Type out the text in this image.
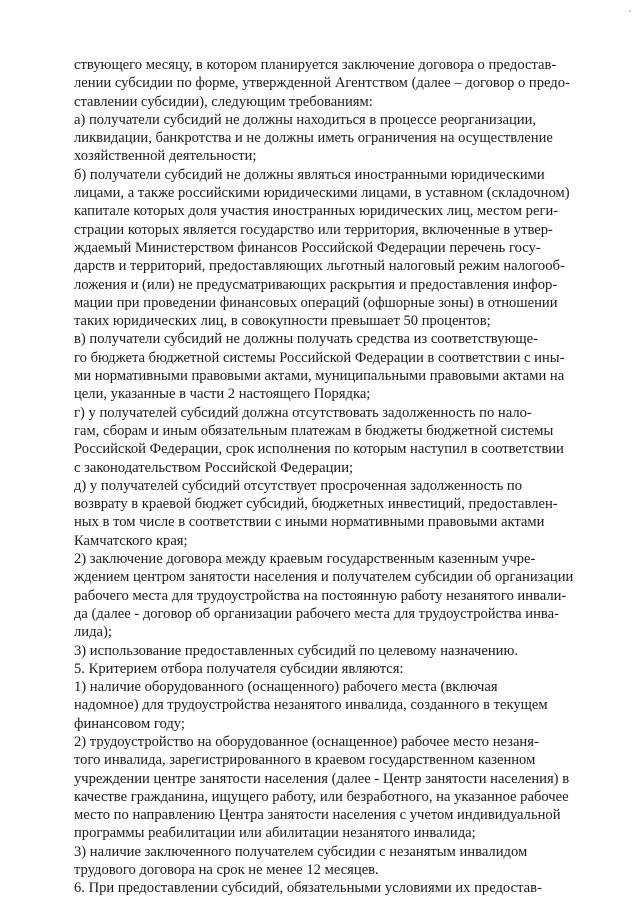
ствующего месяцу, в котором планируется заключение договора о предостав-
лении субсидии по форме, утвержденной Агентством (далее – договор о предо-
ставлении субсидии), следующим требованиям:
а) получатели субсидий не должны находиться в процессе реорганизации,
ликвидации, банкротства и не должны иметь ограничения на осуществление
хозяйственной деятельности;
б) получатели субсидий не должны являться иностранными юридическими
лицами, а также российскими юридическими лицами, в уставном (складочном)
капитале которых доля участия иностранных юридических лиц, местом реги-
страции которых является государство или территория, включенные в утвер-
ждаемый Министерством финансов Российской Федерации перечень госу-
дарств и территорий, предоставляющих льготный налоговый режим налогооб-
ложения и (или) не предусматривающих раскрытия и предоставления инфор-
мации при проведении финансовых операций (офшорные зоны) в отношении
таких юридических лиц, в совокупности превышает 50 процентов;
в) получатели субсидий не должны получать средства из соответствующе-
го бюджета бюджетной системы Российской Федерации в соответствии с ины-
ми нормативными правовыми актами, муниципальными правовыми актами на
цели, указанные в части 2 настоящего Порядка;
г) у получателей субсидий должна отсутствовать задолженность по нало-
гам, сборам и иным обязательным платежам в бюджеты бюджетной системы
Российской Федерации, срок исполнения по которым наступил в соответствии
с законодательством Российской Федерации;
д) у получателей субсидий отсутствует просроченная задолженность по
возврату в краевой бюджет субсидий, бюджетных инвестиций, предоставлен-
ных в том числе в соответствии с иными нормативными правовыми актами
Камчатского края;
2) заключение договора между краевым государственным казенным учре-
ждением центром занятости населения и получателем субсидии об организации
рабочего места для трудоустройства на постоянную работу незанятого инвали-
да (далее - договор об организации рабочего места для трудоустройства инва-
лида);
3) использование предоставленных субсидий по целевому назначению.
5. Критерием отбора получателя субсидии являются:
1) наличие оборудованного (оснащенного) рабочего места (включая
надомное) для трудоустройства незанятого инвалида, созданного в текущем
финансовом году;
2) трудоустройство на оборудованное (оснащенное) рабочее место незаня-
того инвалида, зарегистрированного в краевом государственном казенном
учреждении центре занятости населения (далее - Центр занятости населения) в
качестве гражданина, ищущего работу, или безработного, на указанное рабочее
место по направлению Центра занятости населения с учетом индивидуальной
программы реабилитации или абилитации незанятого инвалида;
3) наличие заключенного получателем субсидии с незанятым инвалидом
трудового договора на срок не менее 12 месяцев.
6. При предоставлении субсидий, обязательными условиями их предостав-
